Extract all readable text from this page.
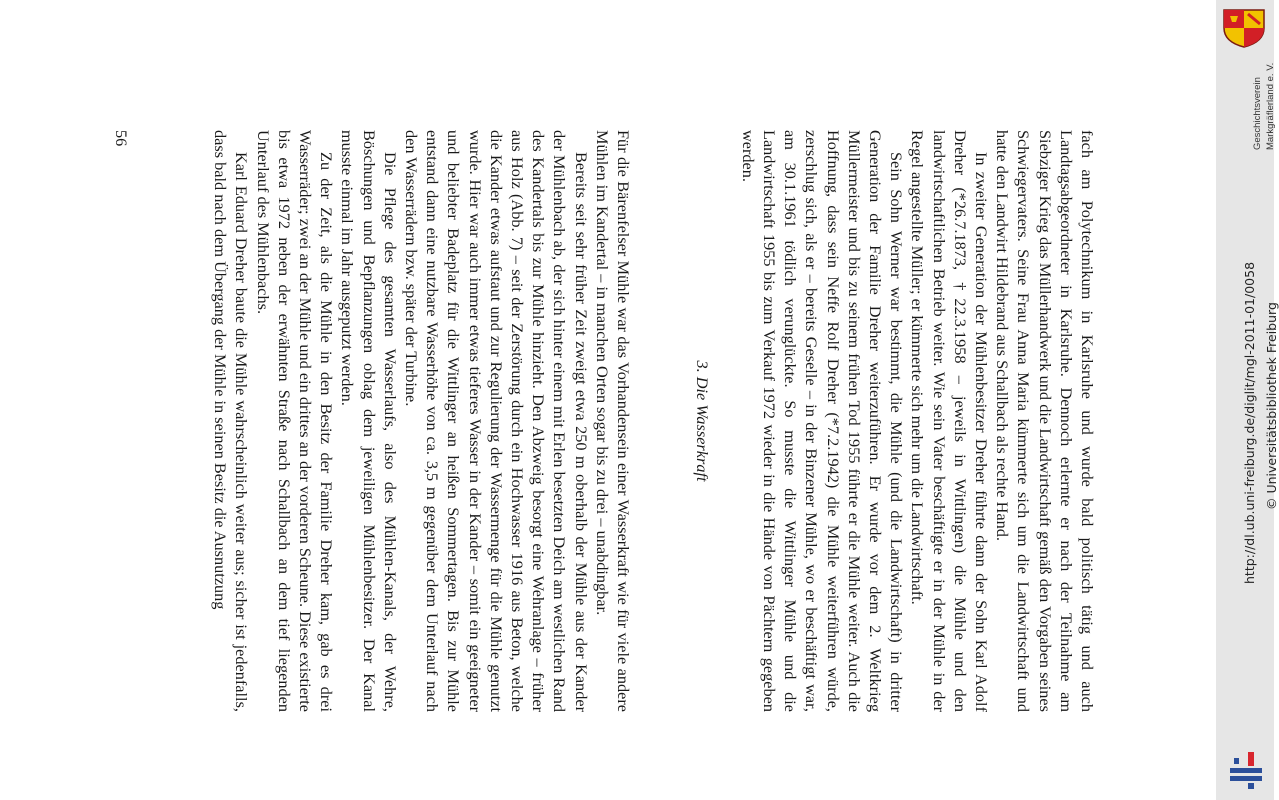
fach am Polytechnikum in Karlsruhe und wurde bald politisch tätig und auch Landtagsabgeordneter in Karlsruhe. Dennoch erlernte er nach der Teilnahme am Siebziger Krieg das Müllerhandwerk und die Landwirtschaft gemäß den Vorgaben seines Schwiegervaters. Seine Frau Anna Maria kümmerte sich um die Landwirtschaft und hatte den Landwirt Hildebrand aus Schallbach als rechte Hand.

In zweiter Generation der Mühlenbesitzer Dreher führte dann der Sohn Karl Adolf Dreher (*26.7.1873, †22.3.1958 – jeweils in Wittlingen) die Mühle und den landwirtschaftlichen Betrieb weiter. Wie sein Vater beschäftigte er in der Mühle in der Regel angestellte Müller; er kümmerte sich mehr um die Landwirtschaft.

Sein Sohn Werner war bestimmt, die Mühle (und die Landwirtschaft) in dritter Generation der Familie Dreher weiterzuführen. Er wurde vor dem 2. Weltkrieg Müllermeister und bis zu seinem frühen Tod 1955 führte er die Mühle weiter. Auch die Hoffnung, dass sein Neffe Rolf Dreher (*7.2.1942) die Mühle weiterführen würde, zerschlug sich, als er – bereits Geselle – in der Binzener Mühle, wo er beschäftigt war, am 30.1.1961 tödlich verunglückte. So musste die Wittlinger Mühle und die Landwirtschaft 1955 bis zum Verkauf 1972 wieder in die Hände von Pächtern gegeben werden.

3. Die Wasserkraft

Für die Bärenfelser Mühle war das Vorhandensein einer Wasserkraft wie für viele andere Mühlen im Kandertal – in manchen Orten sogar bis zu drei – unabdingbar.

Bereits seit sehr früher Zeit zweigt etwa 250 m oberhalb der Mühle aus der Kander der Mühlenbach ab, der sich hinter einem mit Erlen besetzten Deich am westlichen Rand des Kandertals bis zur Mühle hinzieht. Den Abzweig besorgt eine Wehranlage – früher aus Holz (Abb. 7) – seit der Zerstörung durch ein Hochwasser 1916 aus Beton, welche die Kander etwas aufstaut und zur Regulierung der Wassermenge für die Mühle genutzt wurde. Hier war auch immer etwas tieferes Wasser in der Kander – somit ein geeigneter und beliebter Badeplatz für die Wittlinger an heißen Sommertagen. Bis zur Mühle entstand dann eine nutzbare Wasserhöhe von ca. 3,5 m gegenüber dem Unterlauf nach den Wasserrädern bzw. später der Turbine.

Die Pflege des gesamten Wasserlaufs, also des Mühlen-Kanals, der Wehre, Böschungen und Bepflanzungen oblag dem jeweiligen Mühlenbesitzer. Der Kanal musste einmal im Jahr ausgeputzt werden.

Zu der Zeit, als die Mühle in den Besitz der Familie Dreher kam, gab es drei Wasserräder; zwei an der Mühle und ein drittes an der vorderen Scheune. Diese existierte bis etwa 1972 neben der erwähnten Straße nach Schallbach an dem tief liegenden Unterlauf des Mühlenbachs.

Karl Eduard Dreher baute die Mühle wahrscheinlich weiter aus; sicher ist jedenfalls, dass bald nach dem Übergang der Mühle in seinen Besitz die Ausnutzung

56	Geschichtsverein Markgräflerland e. V.
http://dl.ub.uni-freiburg.de/diglit/mgl-2011-01/0058 © Universitätsbibliothek Freiburg
